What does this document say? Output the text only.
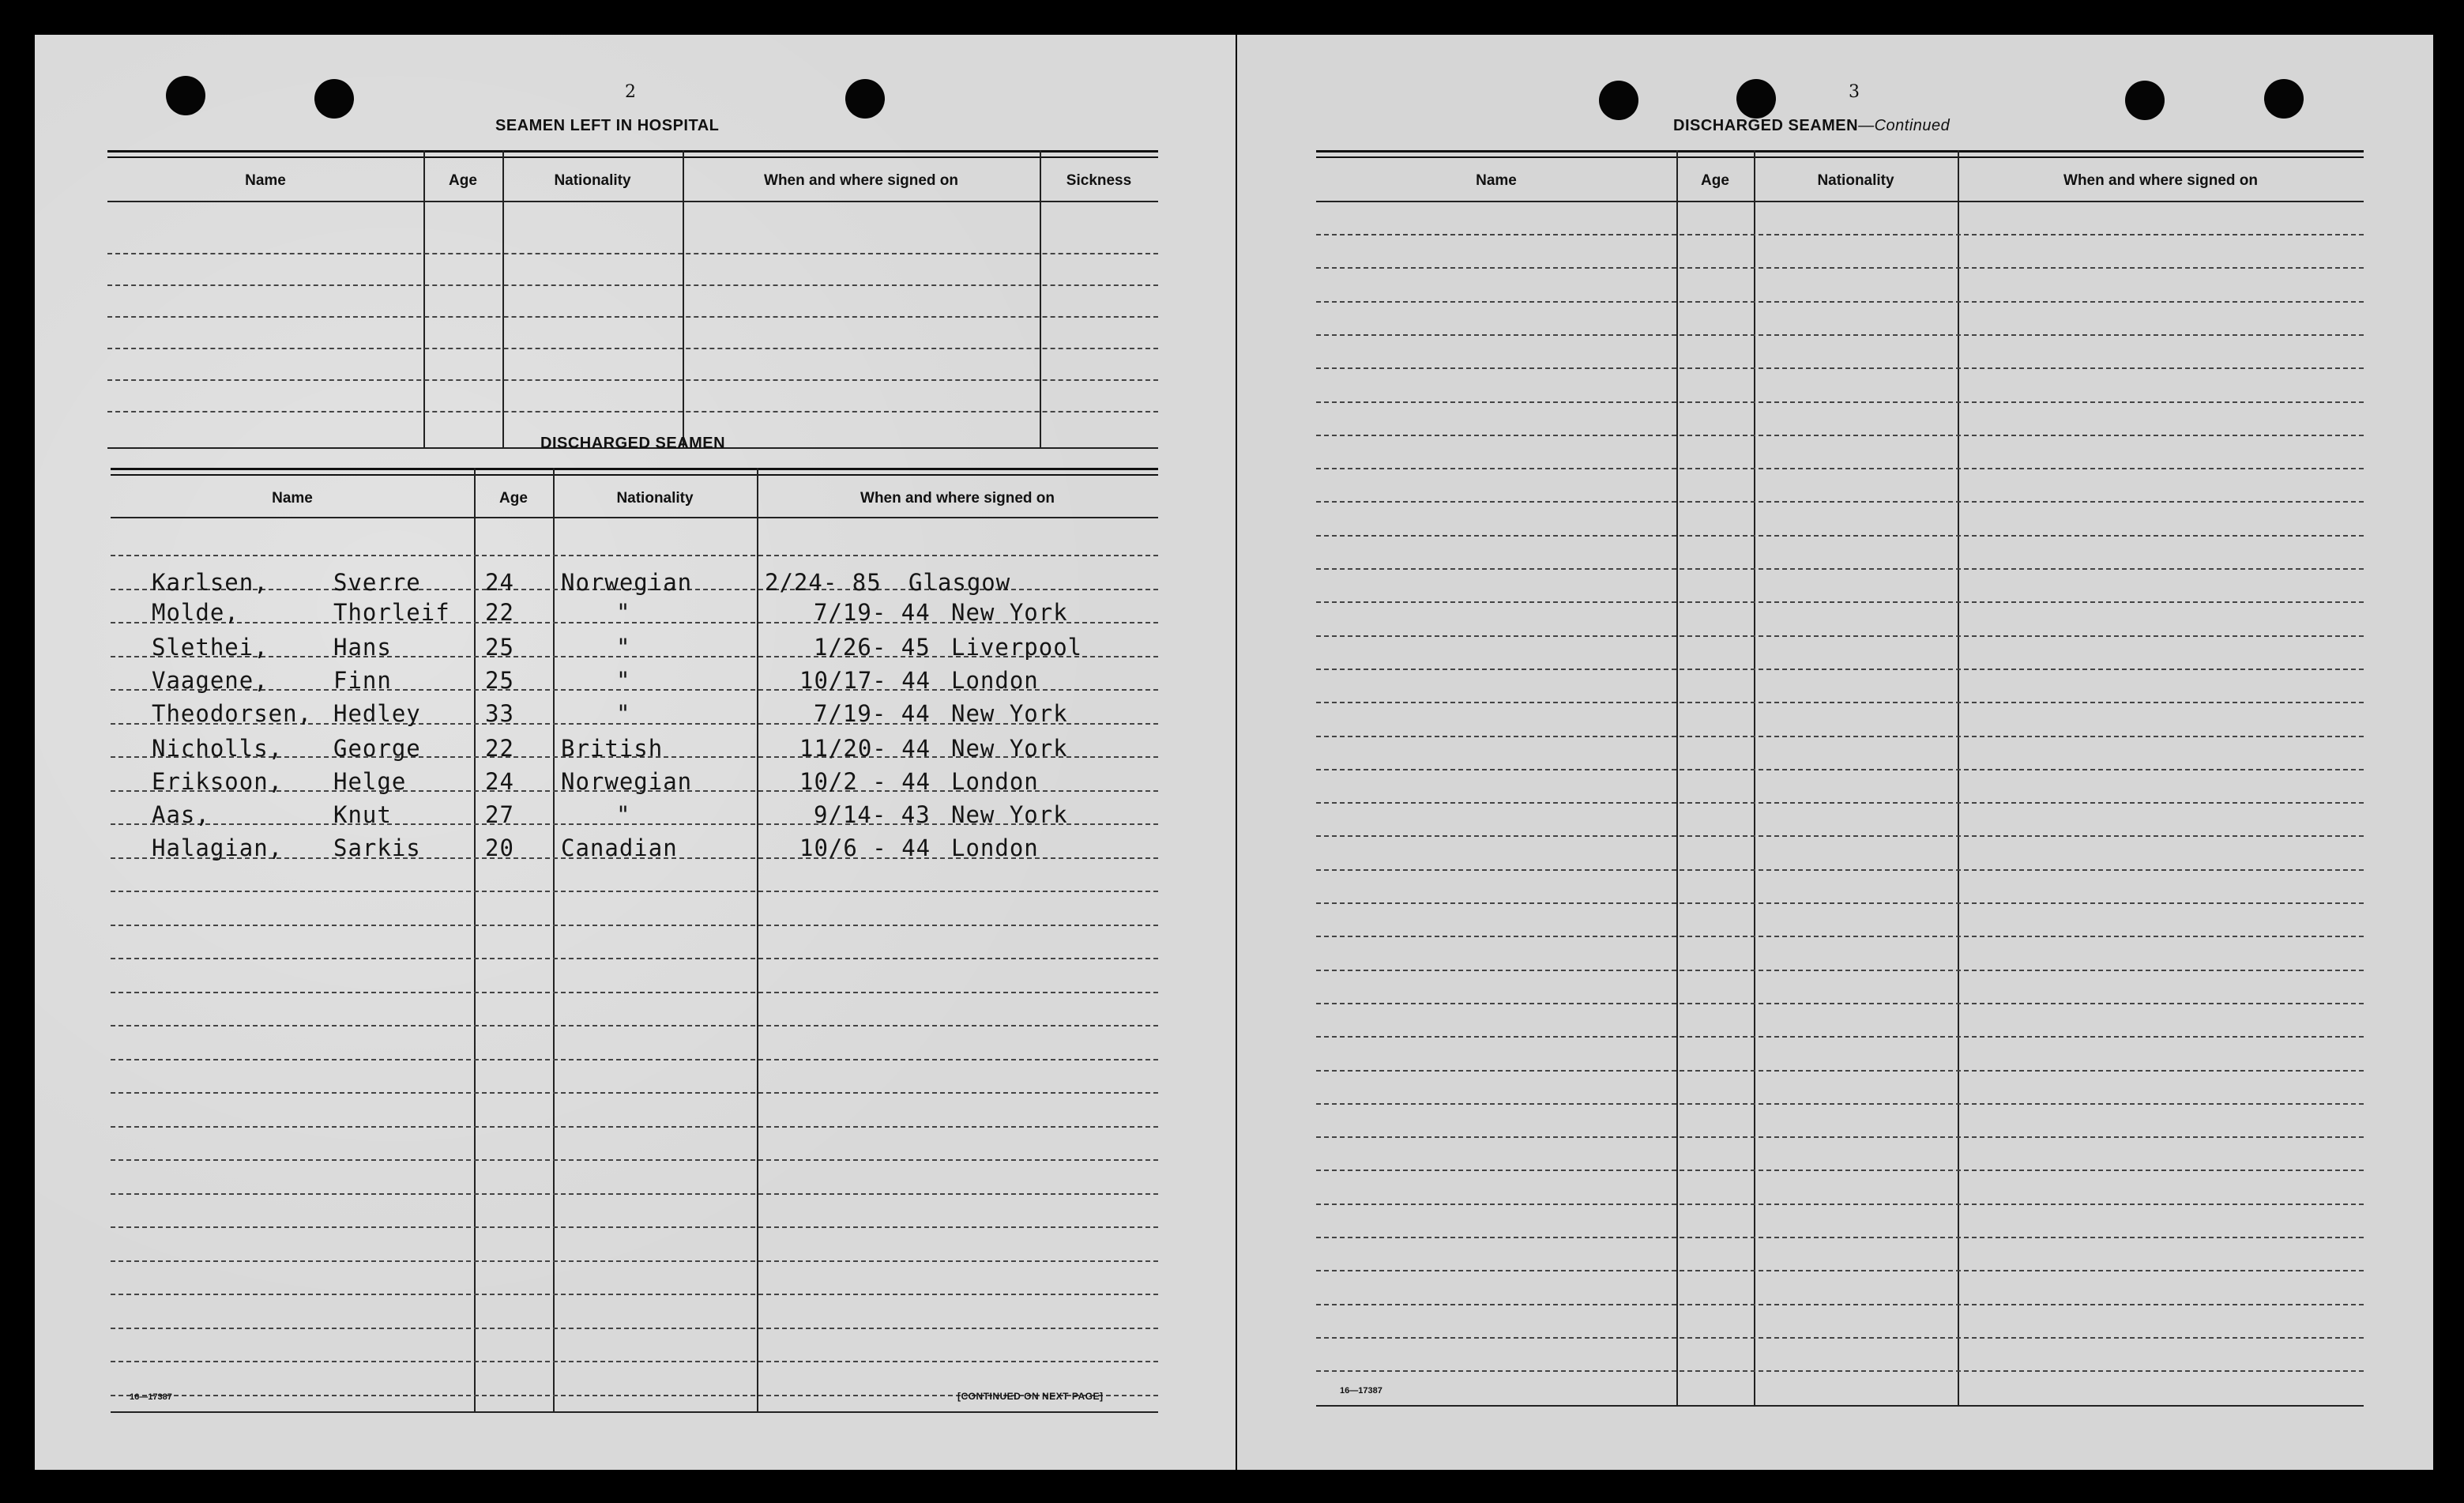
2
SEAMEN LEFT IN HOSPITAL
Name	Age	Nationality	When and where signed on	Sickness
DISCHARGED SEAMEN
Name	Age	Nationality	When and where signed on
Karlsen,	Sverre	24 Norwegian	2/24- 85 Glasgow
Molde,	Thorleif 22	"	7/19- 44 New York
Slethei,	Hans	25	"	1/26- 45 Liverpool
Vaagene,	Finn	25	"	10/17- 44 London
Theodorsen, Hedley	33	"	7/19- 44 New York
Nicholls, George	22 British	11/20- 44 New York
Eriksoon, Helge	24 Norwegian	10/2 - 44 London
Aas,	Knut	27	"	9/14- 43 New York
Halagian, Sarkis	20 Canadian	10/6 - 44 London
16—17387	[CONTINUED ON NEXT PAGE]
3
DISCHARGED SEAMEN—Continued
Name	Age	Nationality	When and where signed on
16—17387
